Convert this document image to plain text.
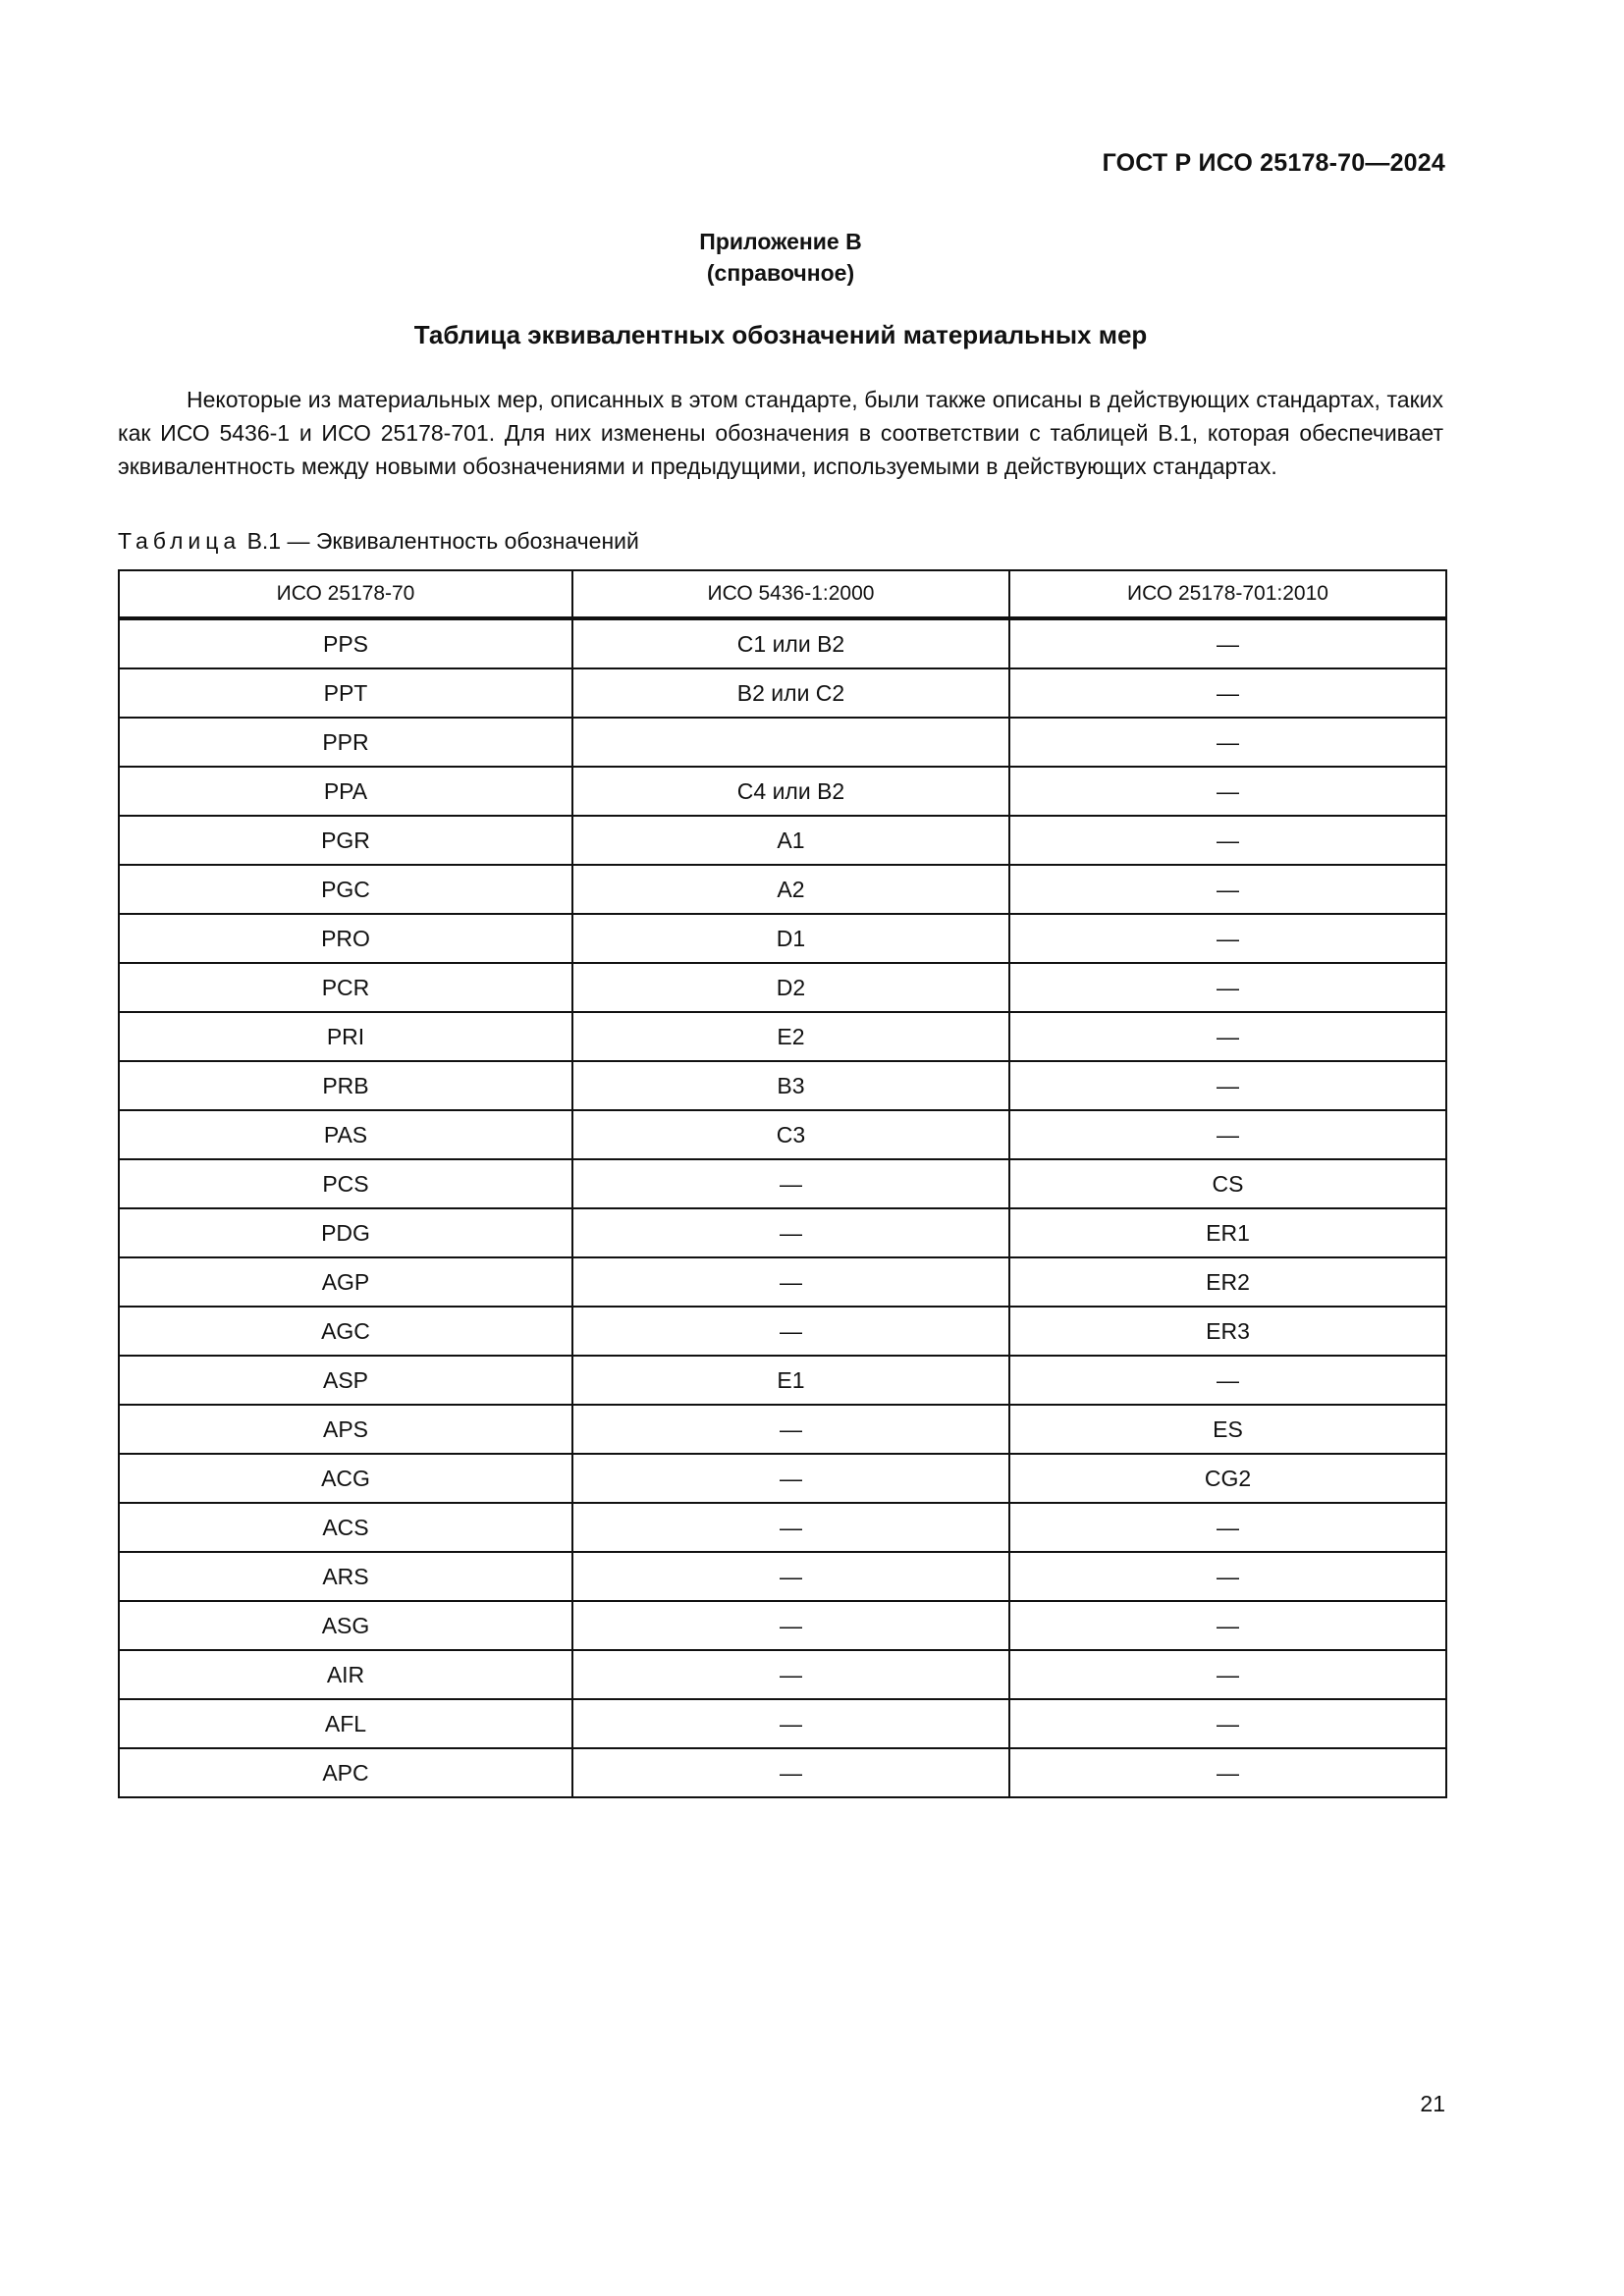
ГОСТ Р ИСО 25178-70—2024
Приложение В
(справочное)
Таблица эквивалентных обозначений материальных мер

Некоторые из материальных мер, описанных в этом стандарте, были также описаны в действующих стандартах, таких как ИСО 5436-1 и ИСО 25178-701. Для них изменены обозначения в соответствии с таблицей В.1, которая обеспечивает эквивалентность между новыми обозначениями и предыдущими, используемыми в действующих стандартах.

Таблица В.1 — Эквивалентность обозначений
ИСО 25178-70	ИСО 5436-1:2000	ИСО 25178-701:2010
PPS	C1 или B2	—
PPT	B2 или C2	—
PPR		—
PPA	C4 или B2	—
PGR	A1	—
PGC	A2	—
PRO	D1	—
PCR	D2	—
PRI	E2	—
PRB	B3	—
PAS	C3	—
PCS	—	CS
PDG	—	ER1
AGP	—	ER2
AGC	—	ER3
ASP	E1	—
APS	—	ES
ACG	—	CG2
ACS	—	—
ARS	—	—
ASG	—	—
AIR	—	—
AFL	—	—
APC	—	—
21
